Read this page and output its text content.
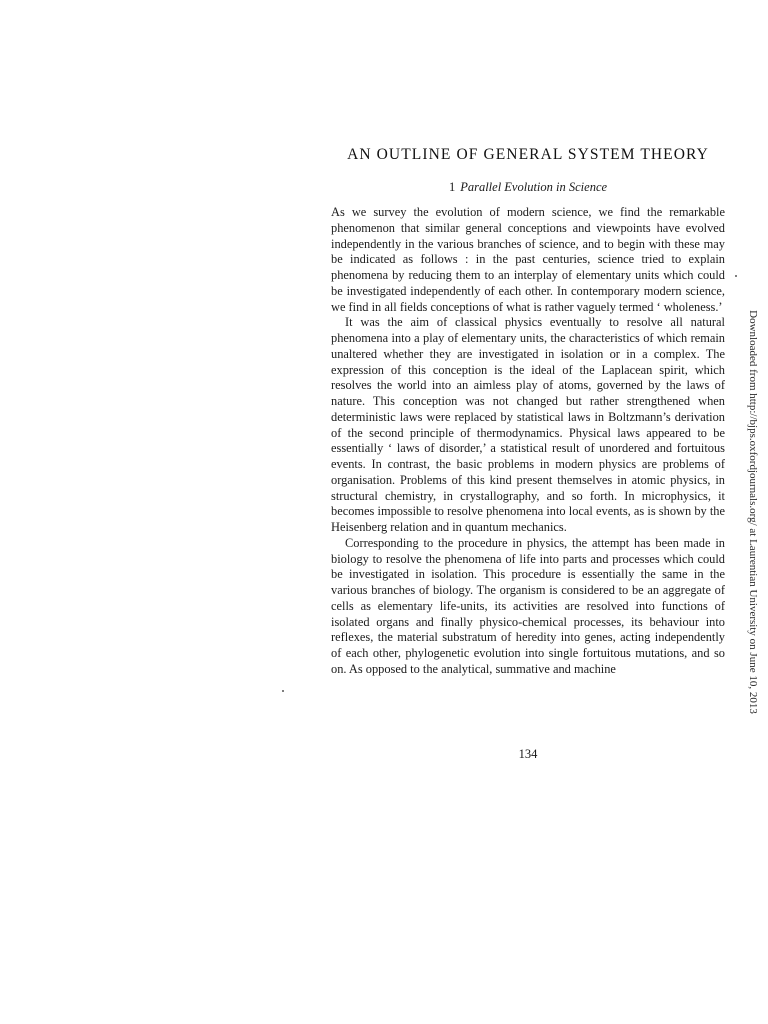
AN OUTLINE OF GENERAL SYSTEM THEORY
1 Parallel Evolution in Science

As we survey the evolution of modern science, we find the remarkable phenomenon that similar general conceptions and viewpoints have evolved independently in the various branches of science, and to begin with these may be indicated as follows : in the past centuries, science tried to explain phenomena by reducing them to an interplay of elementary units which could be investigated independently of each other. In contemporary modern science, we find in all fields conceptions of what is rather vaguely termed ‘ wholeness.’

It was the aim of classical physics eventually to resolve all natural phenomena into a play of elementary units, the characteristics of which remain unaltered whether they are investigated in isolation or in a complex. The expression of this conception is the ideal of the Laplacean spirit, which resolves the world into an aimless play of atoms, governed by the laws of nature. This conception was not changed but rather strengthened when deterministic laws were replaced by statistical laws in Boltzmann’s derivation of the second principle of thermodynamics. Physical laws appeared to be essentially ‘ laws of disorder,’ a statistical result of unordered and fortuitous events. In contrast, the basic problems in modern physics are problems of organisation. Problems of this kind present themselves in atomic physics, in structural chemistry, in crystallography, and so forth. In microphysics, it becomes impossible to resolve phenomena into local events, as is shown by the Heisenberg relation and in quantum mechanics.

Corresponding to the procedure in physics, the attempt has been made in biology to resolve the phenomena of life into parts and processes which could be investigated in isolation. This procedure is essentially the same in the various branches of biology. The organism is considered to be an aggregate of cells as elementary life-units, its activities are resolved into functions of isolated organs and finally physico-chemical processes, its behaviour into reflexes, the material substratum of heredity into genes, acting independently of each other, phylogenetic evolution into single fortuitous mutations, and so on. As opposed to the analytical, summative and machine

134
Downloaded from http://bjps.oxfordjournals.org/ at Laurentian University on June 10, 2013
